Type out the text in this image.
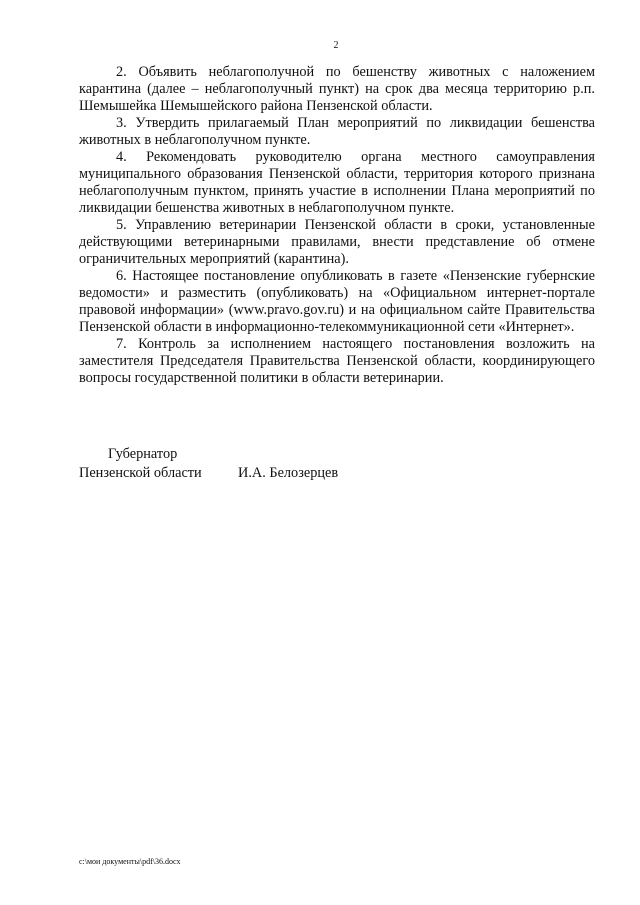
2

2. Объявить неблагополучной по бешенству животных с наложением карантина (далее – неблагополучный пункт) на срок два месяца территорию р.п. Шемышейка Шемышейского района Пензенской области.

3. Утвердить прилагаемый План мероприятий по ликвидации бешенства животных в неблагополучном пункте.

4. Рекомендовать руководителю органа местного самоуправления муниципального образования Пензенской области, территория которого признана неблагополучным пунктом, принять участие в исполнении Плана мероприятий по ликвидации бешенства животных в неблагополучном пункте.

5. Управлению ветеринарии Пензенской области в сроки, установленные действующими ветеринарными правилами, внести представление об отмене ограничительных мероприятий (карантина).

6. Настоящее постановление опубликовать в газете «Пензенские губернские ведомости» и разместить (опубликовать) на «Официальном интернет-портале правовой информации» (www.pravo.gov.ru) и на официальном сайте Правительства Пензенской области в информационно-телекоммуникационной сети «Интернет».

7. Контроль за исполнением настоящего постановления возложить на заместителя Председателя Правительства Пензенской области, координирующего вопросы государственной политики в области ветеринарии.

Губернатор
Пензенской области	И.А. Белозерцев
c:\мои документы\pdf\36.docx
